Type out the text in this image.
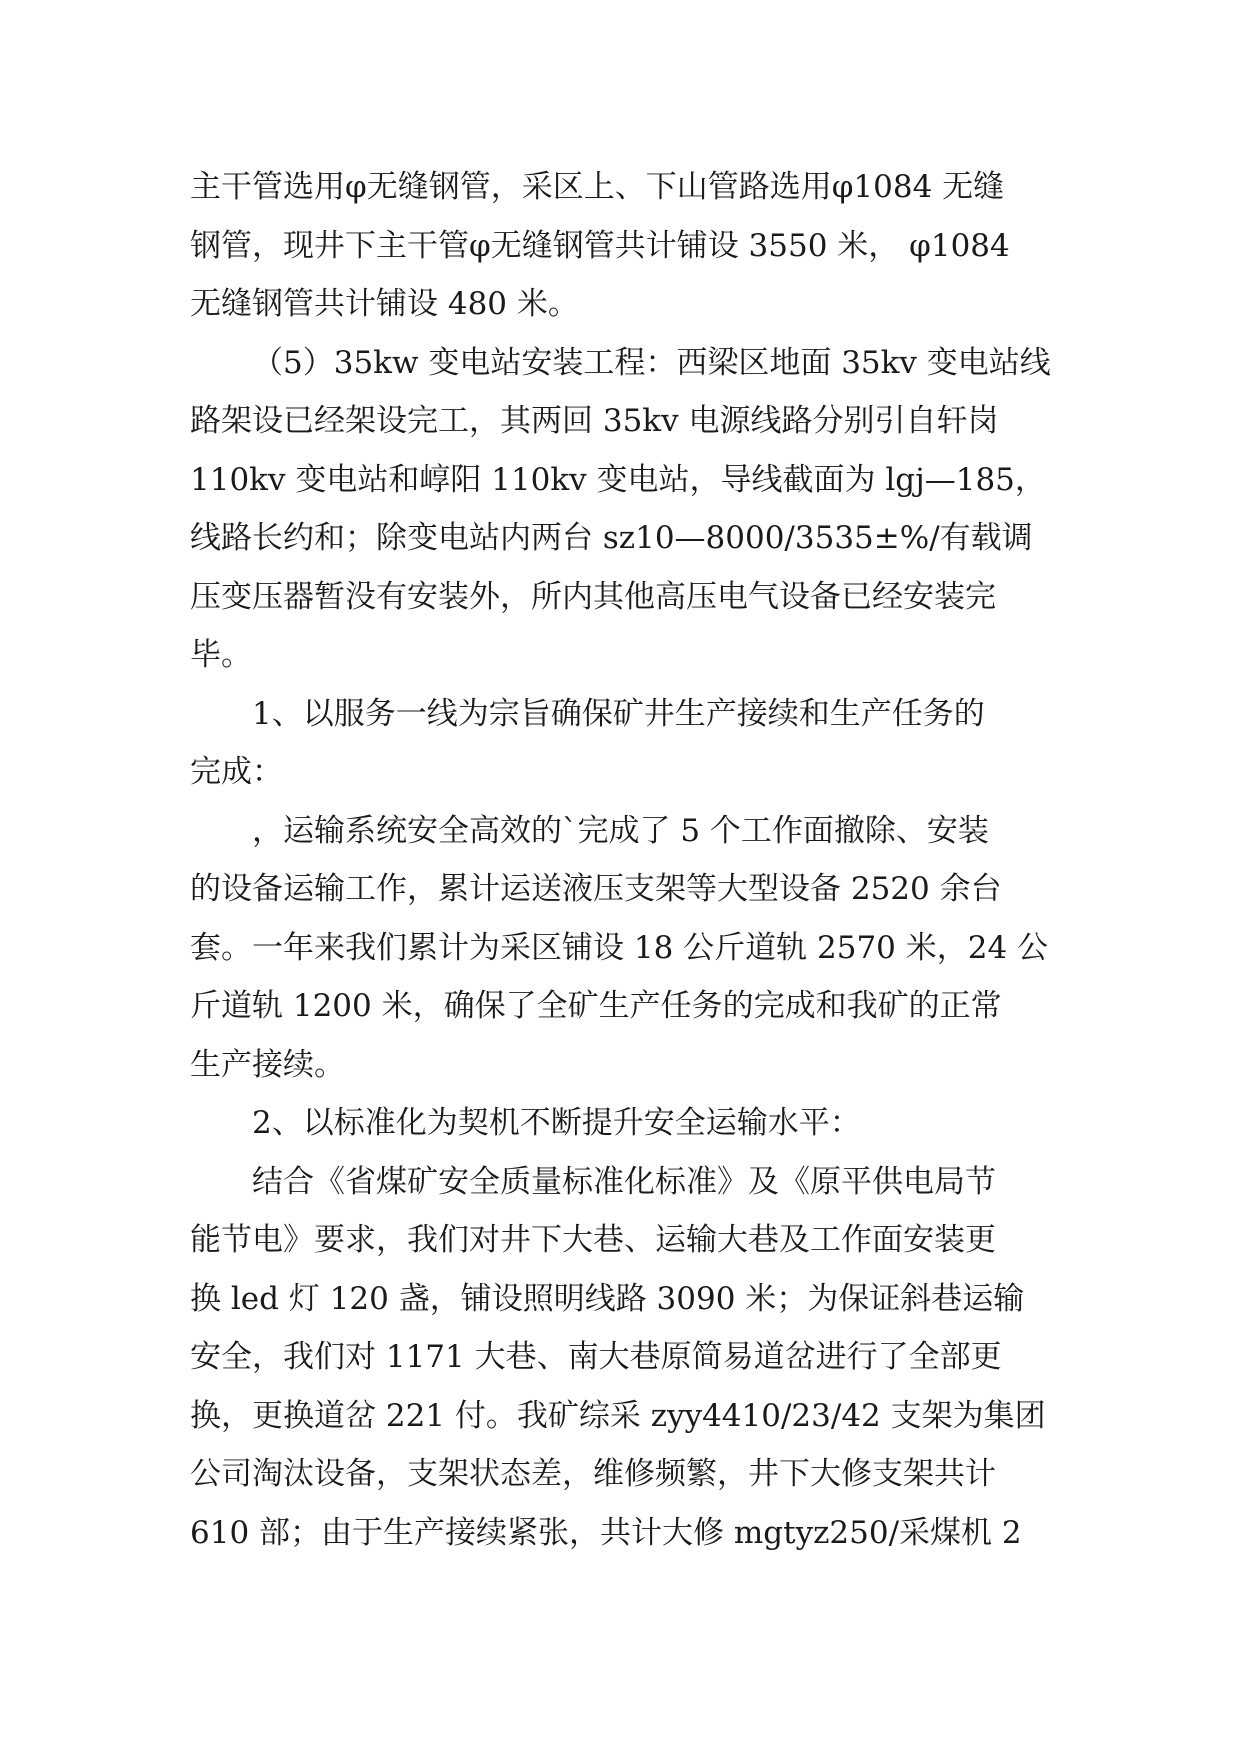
主干管选用φ无缝钢管，采区上、下山管路选用φ1084 无缝
钢管，现井下主干管φ无缝钢管共计铺设 3550 米， φ1084
无缝钢管共计铺设 480 米。
（5）35kw 变电站安装工程：西梁区地面 35kv 变电站线
路架设已经架设完工，其两回 35kv 电源线路分别引自轩岗
110kv 变电站和崞阳 110kv 变电站，导线截面为 lgj—185，
线路长约和；除变电站内两台 sz10—8000/3535±%/有载调
压变压器暂没有安装外，所内其他高压电气设备已经安装完
毕。
1、以服务一线为宗旨确保矿井生产接续和生产任务的
完成：
，运输系统安全高效的`完成了 5 个工作面撤除、安装
的设备运输工作，累计运送液压支架等大型设备 2520 余台
套。一年来我们累计为采区铺设 18 公斤道轨 2570 米，24 公
斤道轨 1200 米，确保了全矿生产任务的完成和我矿的正常
生产接续。
2、以标准化为契机不断提升安全运输水平：
结合《省煤矿安全质量标准化标准》及《原平供电局节
能节电》要求，我们对井下大巷、运输大巷及工作面安装更
换 led 灯 120 盏，铺设照明线路 3090 米；为保证斜巷运输
安全，我们对 1171 大巷、南大巷原简易道岔进行了全部更
换，更换道岔 221 付。我矿综采 zyy4410/23/42 支架为集团
公司淘汰设备，支架状态差，维修频繁，井下大修支架共计
610 部；由于生产接续紧张，共计大修 mgtyz250/采煤机 2
